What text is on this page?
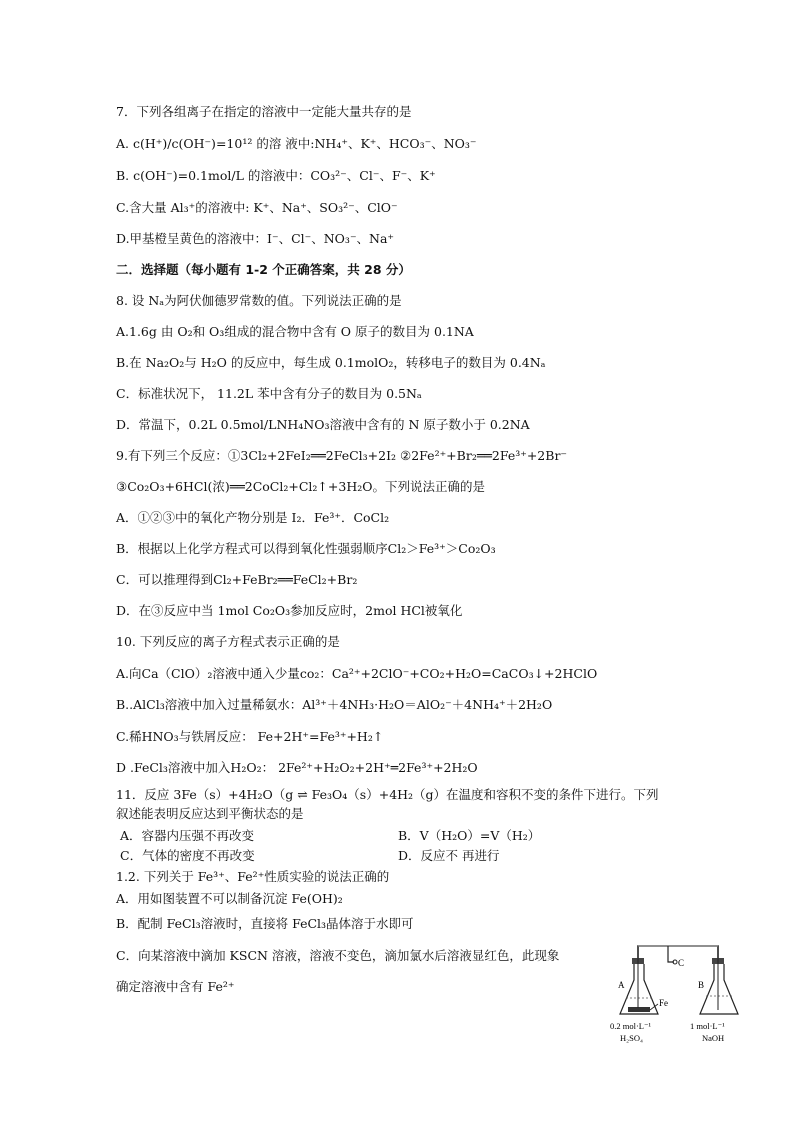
7．下列各组离子在指定的溶液中一定能大量共存的是
A. c(H⁺)/c(OH⁻)=10¹² 的溶 液中:NH₄⁺、K⁺、HCO₃⁻、NO₃⁻
B. c(OH⁻)=0.1mol/L 的溶液中：CO₃²⁻、Cl⁻、F⁻、K⁺
C.含大量 Al₃⁺的溶液中: K⁺、Na⁺、SO₃²⁻、ClO⁻
D.甲基橙呈黄色的溶液中：I⁻、Cl⁻、NO₃⁻、Na⁺
二．选择题（每小题有 1-2 个正确答案，共 28 分）
8. 设 Nₐ为阿伏伽德罗常数的值。下列说法正确的是
A.1.6g 由 O₂和 O₃组成的混合物中含有 O 原子的数目为 0.1NA
B.在 Na₂O₂与 H₂O 的反应中，每生成 0.1molO₂，转移电子的数目为 0.4Nₐ
C．标准状况下， 11.2L 苯中含有分子的数目为 0.5Nₐ
D．常温下，0.2L 0.5mol/LNH₄NO₃溶液中含有的 N 原子数小于 0.2NA
9.有下列三个反应：①3Cl₂+2FeI₂══2FeCl₃+2I₂ ②2Fe²⁺+Br₂══2Fe³⁺+2Br⁻
③Co₂O₃+6HCl(浓)══2CoCl₂+Cl₂↑+3H₂O。下列说法正确的是
A．①②③中的氧化产物分别是 I₂．Fe³⁺．CoCl₂
B．根据以上化学方程式可以得到氧化性强弱顺序Cl₂＞Fe³⁺＞Co₂O₃
C．可以推理得到Cl₂+FeBr₂══FeCl₂+Br₂
D．在③反应中当 1mol Co₂O₃参加反应时，2mol HCl被氧化
10. 下列反应的离子方程式表示正确的是
A.向Ca（ClO）₂溶液中通入少量co₂：Ca²⁺+2ClO⁻+CO₂+H₂O=CaCO₃↓+2HClO
B..AlCl₃溶液中加入过量稀氨水：Al³⁺＋4NH₃·H₂O＝AlO₂⁻＋4NH₄⁺＋2H₂O
C.稀HNO₃与铁屑反应： Fe+2H⁺=Fe³⁺+H₂↑
D .FeCl₃溶液中加入H₂O₂： 2Fe²⁺+H₂O₂+2H⁺═2Fe³⁺+2H₂O
11．反应 3Fe（s）+4H₂O（g ⇌ Fe₃O₄（s）+4H₂（g）在温度和容积不变的条件下进行。下列
叙述能表明反应达到平衡状态的是
A．容器内压强不再改变	B．V（H₂O）=V（H₂）
C．气体的密度不再改变	D．反应不 再进行
1.2. 下列关于 Fe³⁺、Fe²⁺性质实验的说法正确的
A．用如图装置不可以制备沉淀 Fe(OH)₂
B．配制 FeCl₃溶液时，直接将 FeCl₃晶体溶于水即可
C．向某溶液中滴加 KSCN 溶液，溶液不变色，滴加氯水后溶液显红色，此现象
确定溶液中含有 Fe²⁺	A	B
C
Fe
0.2 mol·L⁻¹
H₂SO₄
1 mol·L⁻¹
NaOH
